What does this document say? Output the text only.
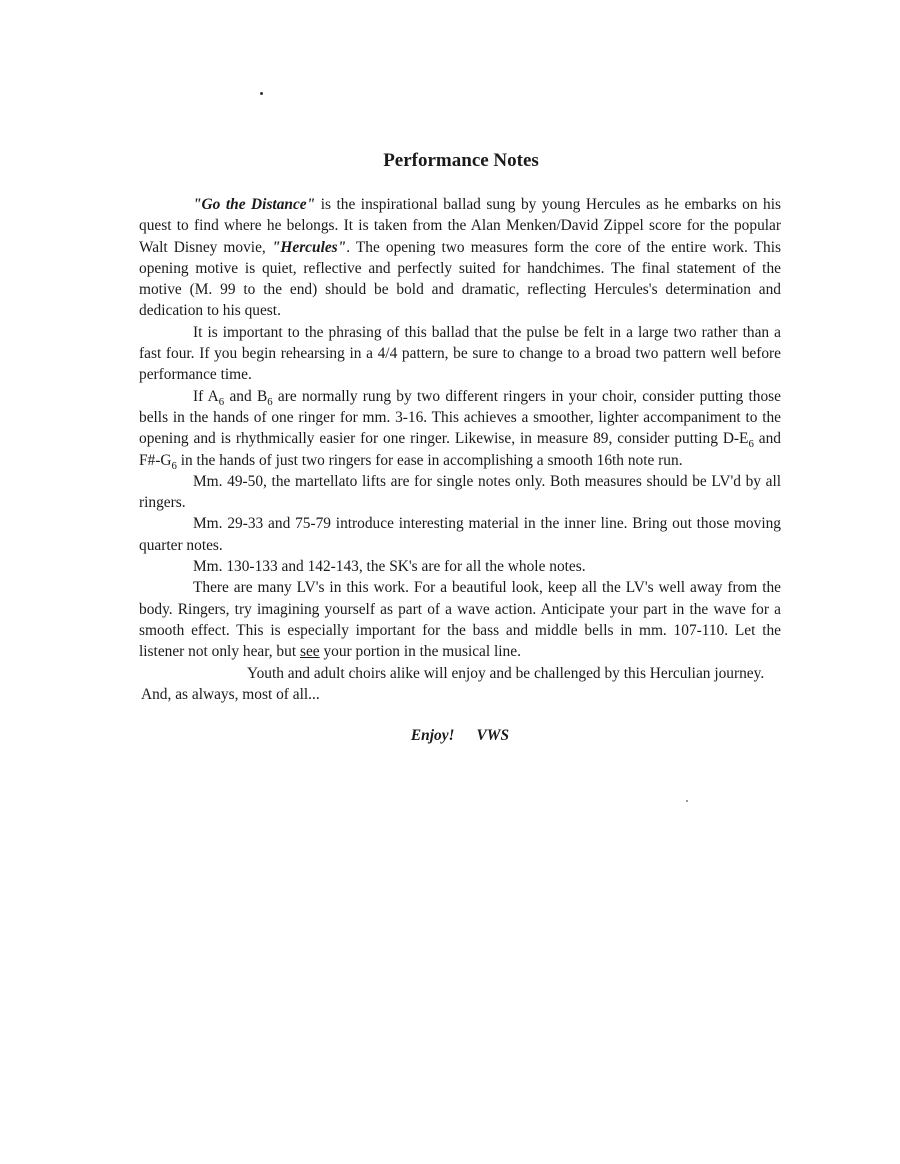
Performance Notes

"Go the Distance" is the inspirational ballad sung by young Hercules as he embarks on his quest to find where he belongs. It is taken from the Alan Menken/David Zippel score for the popular Walt Disney movie, "Hercules". The opening two measures form the core of the entire work. This opening motive is quiet, reflective and perfectly suited for handchimes. The final statement of the motive (M. 99 to the end) should be bold and dramatic, reflecting Hercules's determination and dedication to his quest.

It is important to the phrasing of this ballad that the pulse be felt in a large two rather than a fast four. If you begin rehearsing in a 4/4 pattern, be sure to change to a broad two pattern well before performance time.

If $A_6$ and $B_6$ are normally rung by two different ringers in your choir, consider putting those bells in the hands of one ringer for mm. 3-16. This achieves a smoother, lighter accompaniment to the opening and is rhythmically easier for one ringer. Likewise, in measure 89, consider putting $D-E_6$ and $F\#-G_6$ in the hands of just two ringers for ease in accomplishing a smooth 16th note run.

Mm. 49-50, the martellato lifts are for single notes only. Both measures should be LV'd by all ringers.

Mm. 29-33 and 75-79 introduce interesting material in the inner line. Bring out those moving quarter notes.

Mm. 130-133 and 142-143, the SK's are for all the whole notes.

There are many LV's in this work. For a beautiful look, keep all the LV's well away from the body. Ringers, try imagining yourself as part of a wave action. Anticipate your part in the wave for a smooth effect. This is especially important for the bass and middle bells in mm. 107-110. Let the listener not only hear, but see your portion in the musical line.

Youth and adult choirs alike will enjoy and be challenged by this Herculian journey. And, as always, most of all...

Enjoy! VWS
